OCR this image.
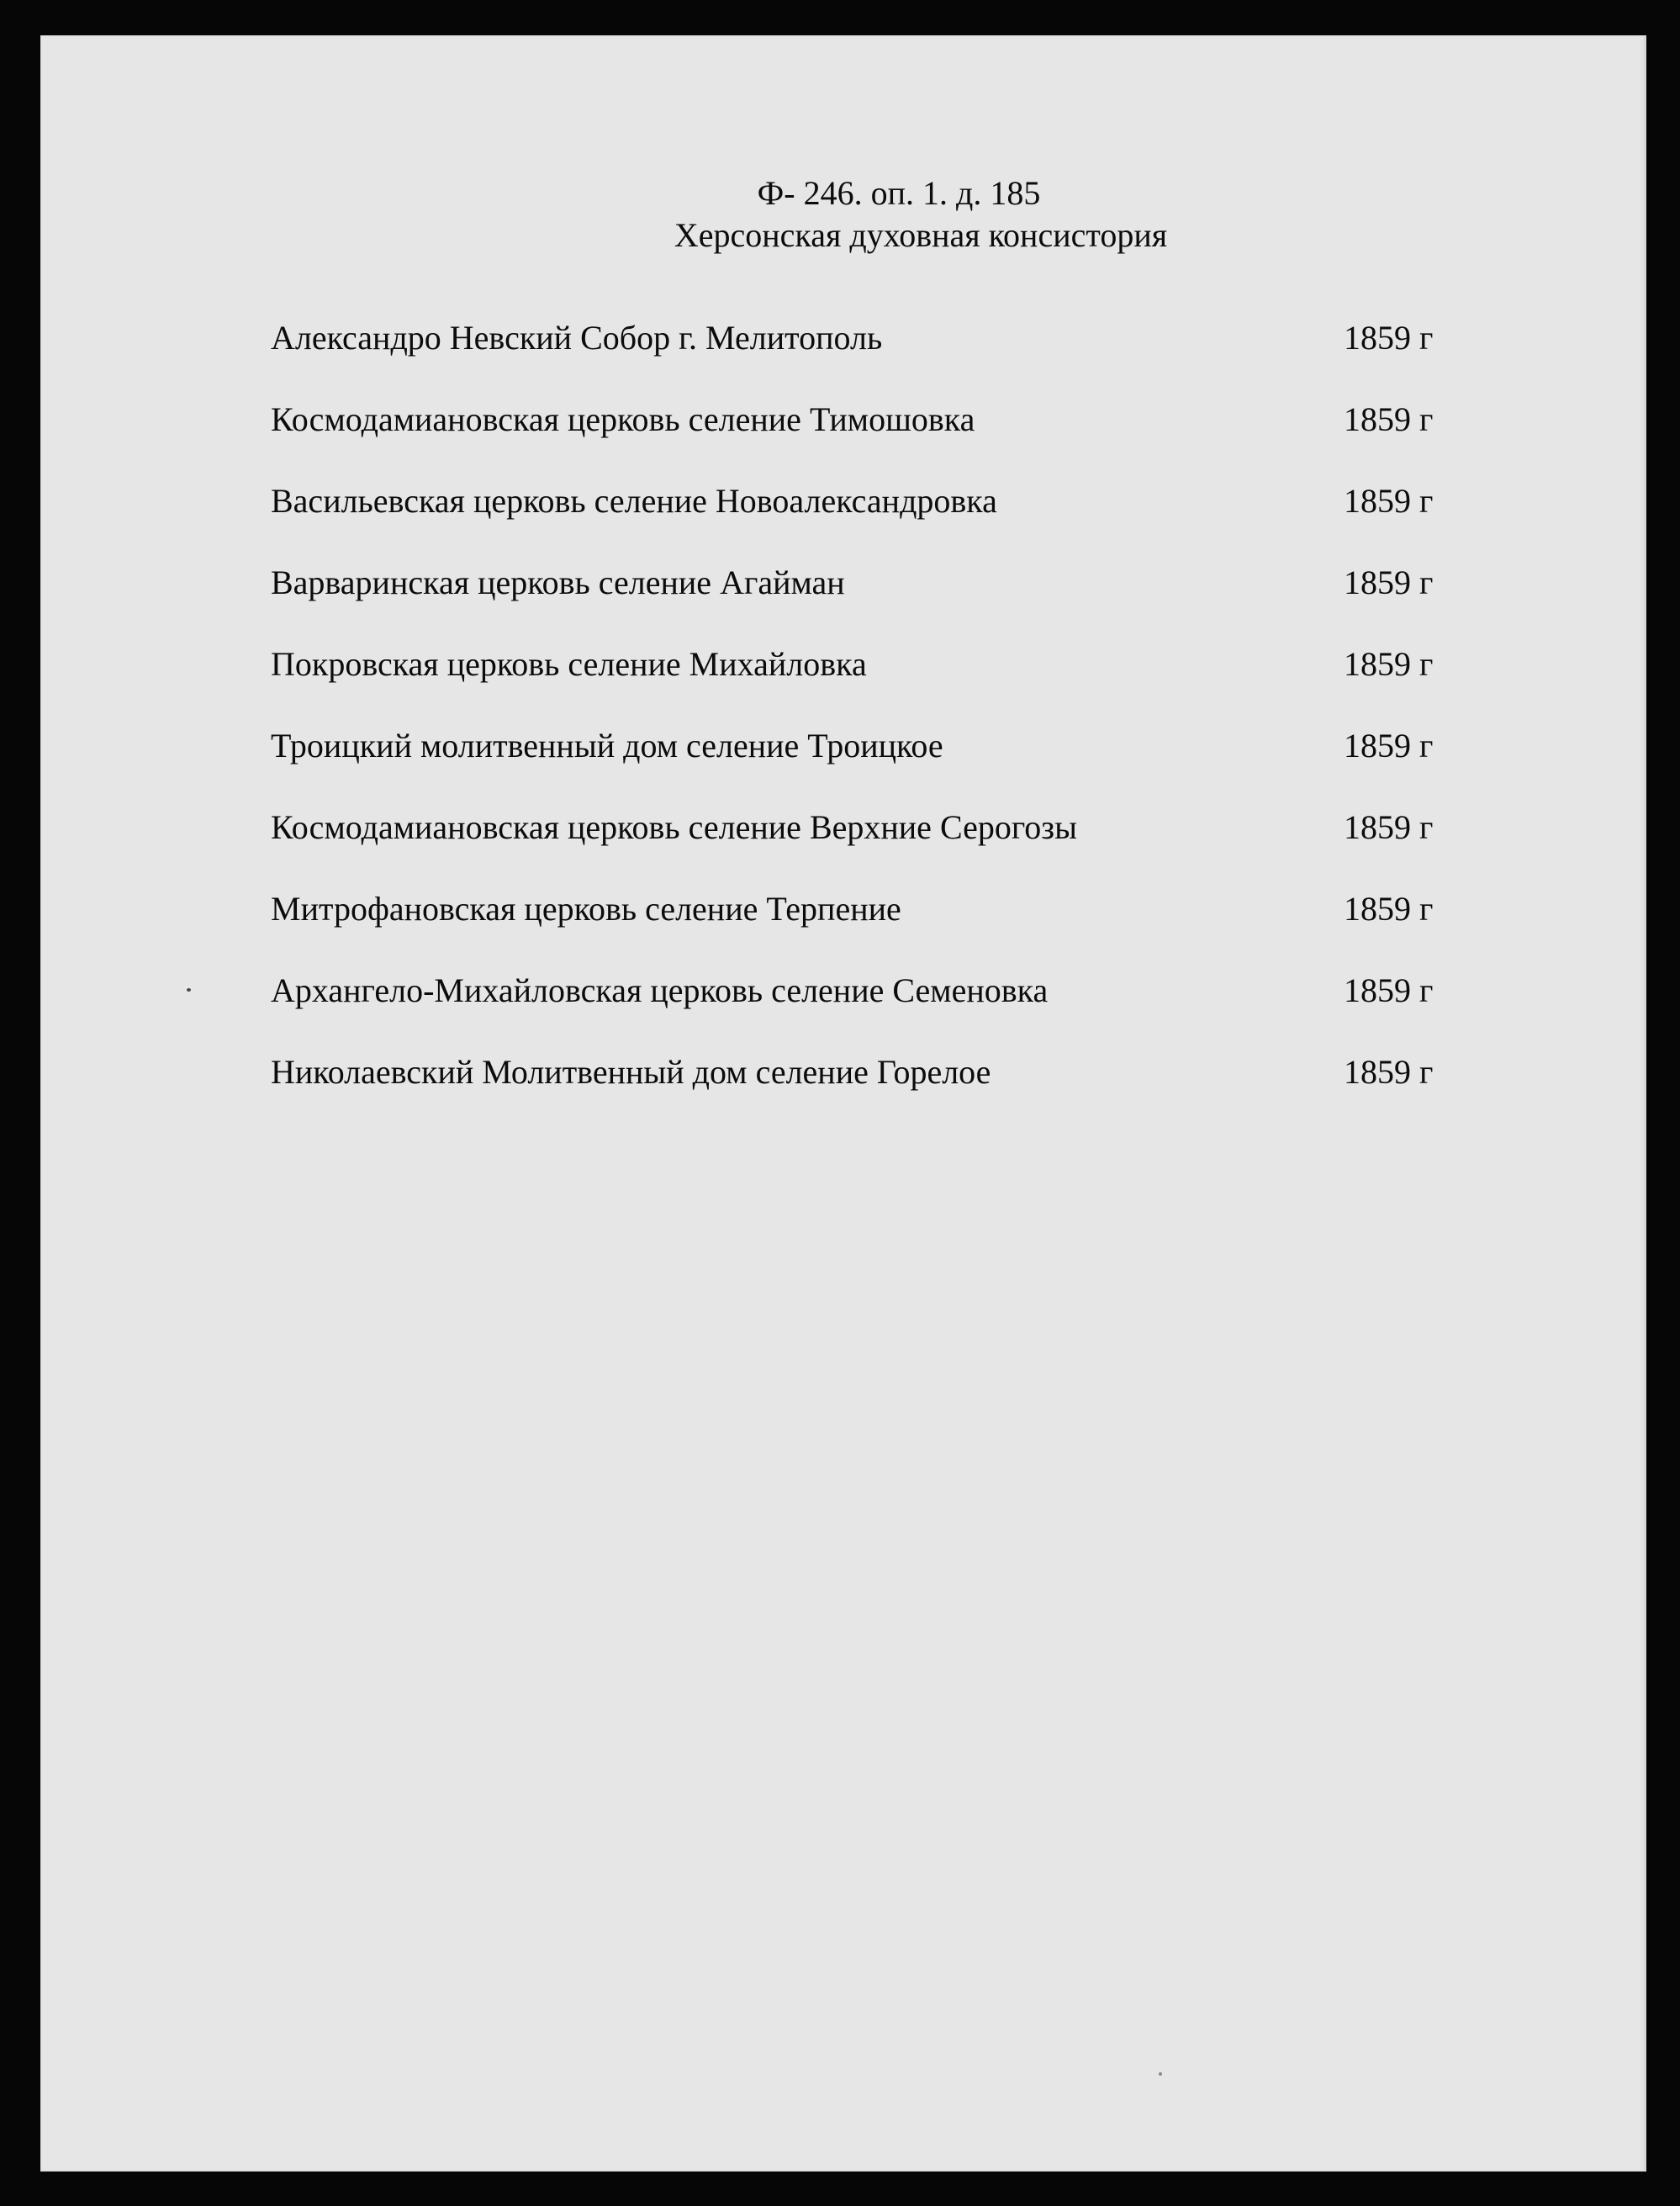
Ф- 246. оп. 1. д. 185
Херсонская духовная консистория
Александро Невский Собор г. Мелитополь	1859 г
Космодамиановская церковь селение Тимошовка	1859 г
Васильевская церковь селение Новоалександровка	1859 г
Варваринская церковь селение Агайман	1859 г
Покровская церковь селение Михайловка	1859 г
Троицкий молитвенный дом селение Троицкое	1859 г
Космодамиановская церковь селение Верхние Серогозы	1859 г
Митрофановская церковь селение Терпение	1859 г
Архангело-Михайловская церковь селение Семеновка	1859 г
Николаевский Молитвенный дом селение Горелое	1859 г
